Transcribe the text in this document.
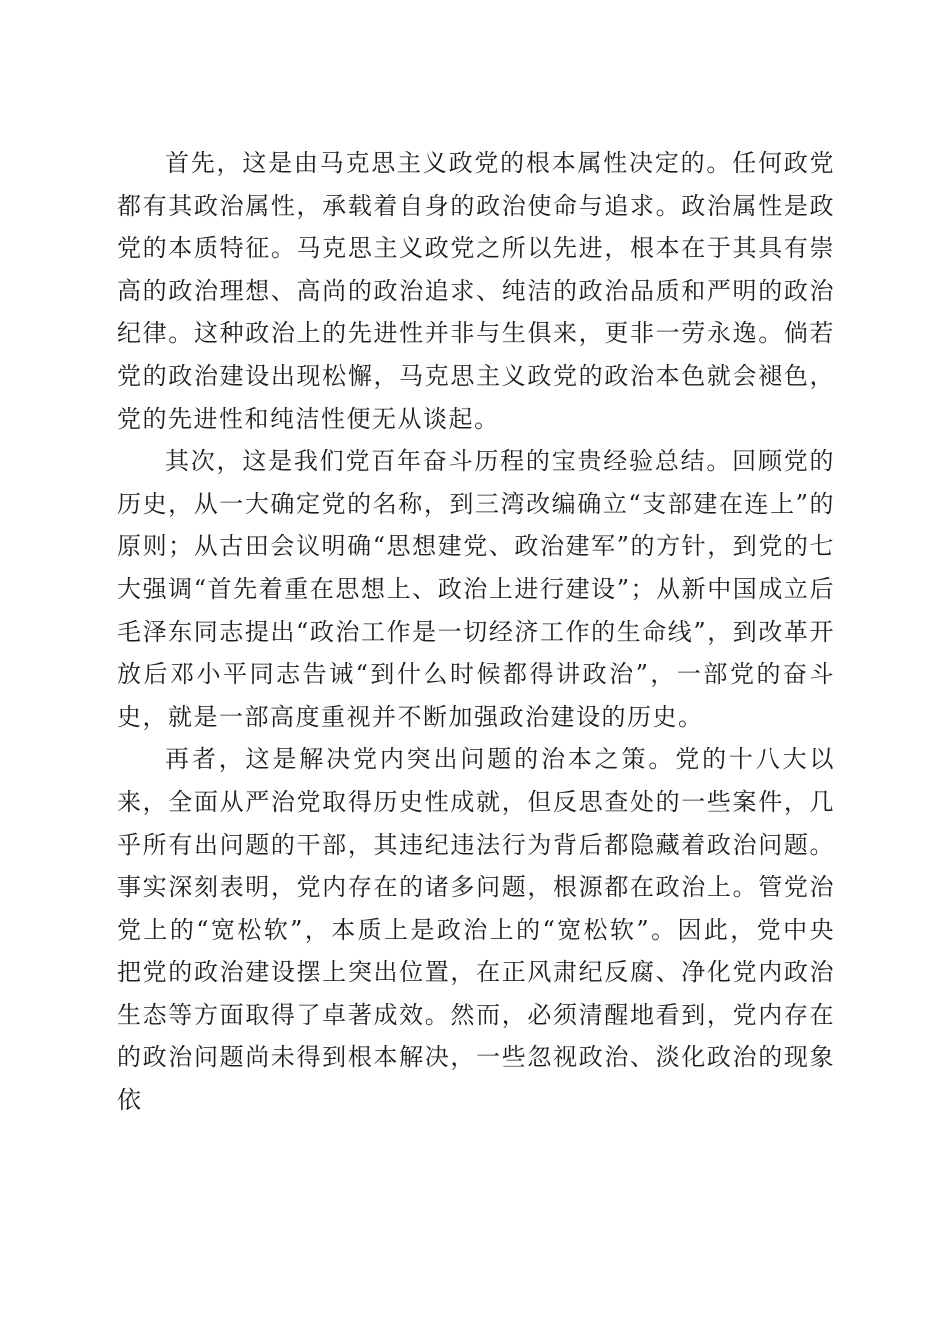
首先，这是由马克思主义政党的根本属性决定的。任何政党都有其政治属性，承载着自身的政治使命与追求。政治属性是政党的本质特征。马克思主义政党之所以先进，根本在于其具有崇高的政治理想、高尚的政治追求、纯洁的政治品质和严明的政治纪律。这种政治上的先进性并非与生俱来，更非一劳永逸。倘若党的政治建设出现松懈，马克思主义政党的政治本色就会褪色，党的先进性和纯洁性便无从谈起。

其次，这是我们党百年奋斗历程的宝贵经验总结。回顾党的历史，从一大确定党的名称，到三湾改编确立“支部建在连上”的原则；从古田会议明确“思想建党、政治建军”的方针，到党的七大强调“首先着重在思想上、政治上进行建设”；从新中国成立后毛泽东同志提出“政治工作是一切经济工作的生命线”，到改革开放后邓小平同志告诫“到什么时候都得讲政治”，一部党的奋斗史，就是一部高度重视并不断加强政治建设的历史。

再者，这是解决党内突出问题的治本之策。党的十八大以来，全面从严治党取得历史性成就，但反思查处的一些案件，几乎所有出问题的干部，其违纪违法行为背后都隐藏着政治问题。事实深刻表明，党内存在的诸多问题，根源都在政治上。管党治党上的“宽松软”，本质上是政治上的“宽松软”。因此，党中央把党的政治建设摆上突出位置，在正风肃纪反腐、净化党内政治生态等方面取得了卓著成效。然而，必须清醒地看到，党内存在的政治问题尚未得到根本解决，一些忽视政治、淡化政治的现象依
